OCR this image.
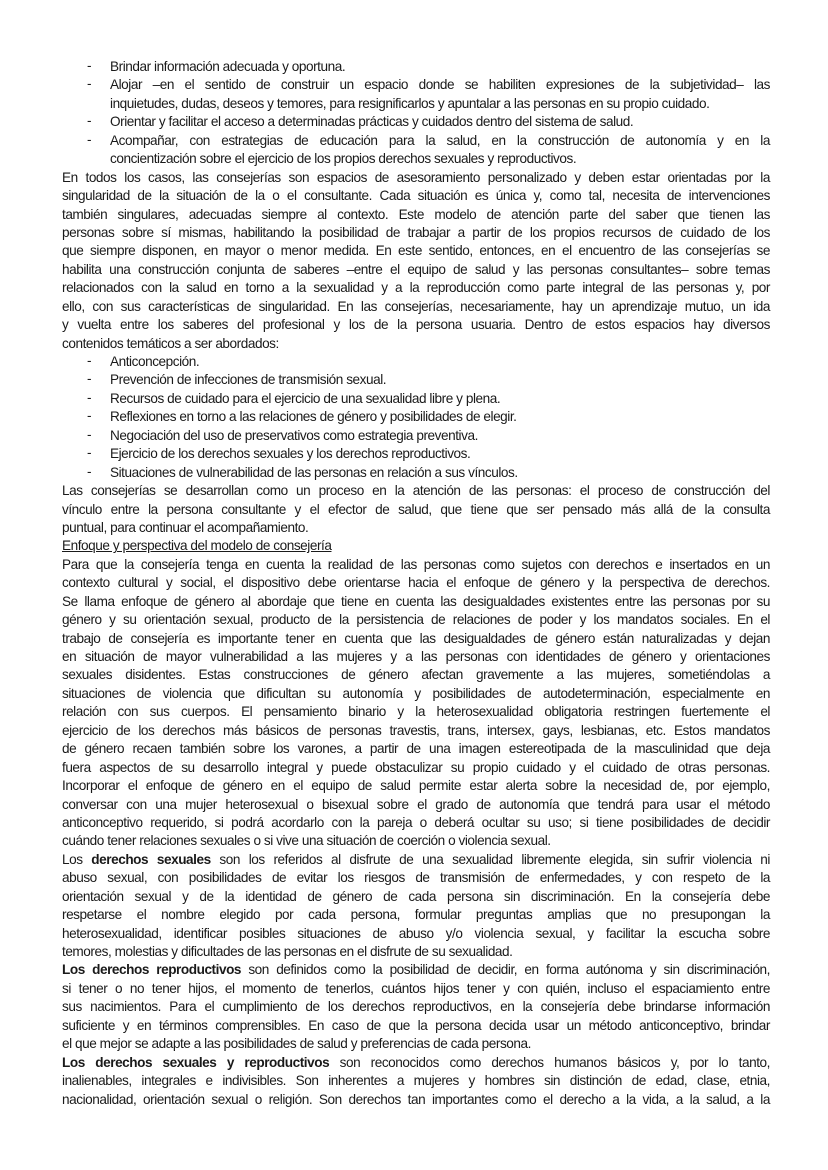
- Brindar información adecuada y oportuna.
- Alojar –en el sentido de construir un espacio donde se habiliten expresiones de la subjetividad– las
inquietudes, dudas, deseos y temores, para resignificarlos y apuntalar a las personas en su propio cuidado.
- Orientar y facilitar el acceso a determinadas prácticas y cuidados dentro del sistema de salud.
- Acompañar, con estrategias de educación para la salud, en la construcción de autonomía y en la
concientización sobre el ejercicio de los propios derechos sexuales y reproductivos.
En todos los casos, las consejerías son espacios de asesoramiento personalizado y deben estar orientadas por la
singularidad de la situación de la o el consultante. Cada situación es única y, como tal, necesita de intervenciones
también singulares, adecuadas siempre al contexto. Este modelo de atención parte del saber que tienen las
personas sobre sí mismas, habilitando la posibilidad de trabajar a partir de los propios recursos de cuidado de los
que siempre disponen, en mayor o menor medida. En este sentido, entonces, en el encuentro de las consejerías se
habilita una construcción conjunta de saberes –entre el equipo de salud y las personas consultantes– sobre temas
relacionados con la salud en torno a la sexualidad y a la reproducción como parte integral de las personas y, por
ello, con sus características de singularidad. En las consejerías, necesariamente, hay un aprendizaje mutuo, un ida
y vuelta entre los saberes del profesional y los de la persona usuaria. Dentro de estos espacios hay diversos
contenidos temáticos a ser abordados:
- Anticoncepción.
- Prevención de infecciones de transmisión sexual.
- Recursos de cuidado para el ejercicio de una sexualidad libre y plena.
- Reflexiones en torno a las relaciones de género y posibilidades de elegir.
- Negociación del uso de preservativos como estrategia preventiva.
- Ejercicio de los derechos sexuales y los derechos reproductivos.
- Situaciones de vulnerabilidad de las personas en relación a sus vínculos.
Las consejerías se desarrollan como un proceso en la atención de las personas: el proceso de construcción del
vínculo entre la persona consultante y el efector de salud, que tiene que ser pensado más allá de la consulta
puntual, para continuar el acompañamiento.
Enfoque y perspectiva del modelo de consejería
Para que la consejería tenga en cuenta la realidad de las personas como sujetos con derechos e insertados en un
contexto cultural y social, el dispositivo debe orientarse hacia el enfoque de género y la perspectiva de derechos.
Se llama enfoque de género al abordaje que tiene en cuenta las desigualdades existentes entre las personas por su
género y su orientación sexual, producto de la persistencia de relaciones de poder y los mandatos sociales. En el
trabajo de consejería es importante tener en cuenta que las desigualdades de género están naturalizadas y dejan
en situación de mayor vulnerabilidad a las mujeres y a las personas con identidades de género y orientaciones
sexuales disidentes. Estas construcciones de género afectan gravemente a las mujeres, sometiéndolas a
situaciones de violencia que dificultan su autonomía y posibilidades de autodeterminación, especialmente en
relación con sus cuerpos. El pensamiento binario y la heterosexualidad obligatoria restringen fuertemente el
ejercicio de los derechos más básicos de personas travestis, trans, intersex, gays, lesbianas, etc. Estos mandatos
de género recaen también sobre los varones, a partir de una imagen estereotipada de la masculinidad que deja
fuera aspectos de su desarrollo integral y puede obstaculizar su propio cuidado y el cuidado de otras personas.
Incorporar el enfoque de género en el equipo de salud permite estar alerta sobre la necesidad de, por ejemplo,
conversar con una mujer heterosexual o bisexual sobre el grado de autonomía que tendrá para usar el método
anticonceptivo requerido, si podrá acordarlo con la pareja o deberá ocultar su uso; si tiene posibilidades de decidir
cuándo tener relaciones sexuales o si vive una situación de coerción o violencia sexual.
Los derechos sexuales son los referidos al disfrute de una sexualidad libremente elegida, sin sufrir violencia ni
abuso sexual, con posibilidades de evitar los riesgos de transmisión de enfermedades, y con respeto de la
orientación sexual y de la identidad de género de cada persona sin discriminación. En la consejería debe
respetarse el nombre elegido por cada persona, formular preguntas amplias que no presupongan la
heterosexualidad, identificar posibles situaciones de abuso y/o violencia sexual, y facilitar la escucha sobre
temores, molestias y dificultades de las personas en el disfrute de su sexualidad.
Los derechos reproductivos son definidos como la posibilidad de decidir, en forma autónoma y sin discriminación,
si tener o no tener hijos, el momento de tenerlos, cuántos hijos tener y con quién, incluso el espaciamiento entre
sus nacimientos. Para el cumplimiento de los derechos reproductivos, en la consejería debe brindarse información
suficiente y en términos comprensibles. En caso de que la persona decida usar un método anticonceptivo, brindar
el que mejor se adapte a las posibilidades de salud y preferencias de cada persona.
Los derechos sexuales y reproductivos son reconocidos como derechos humanos básicos y, por lo tanto,
inalienables, integrales e indivisibles. Son inherentes a mujeres y hombres sin distinción de edad, clase, etnia,
nacionalidad, orientación sexual o religión. Son derechos tan importantes como el derecho a la vida, a la salud, a la
